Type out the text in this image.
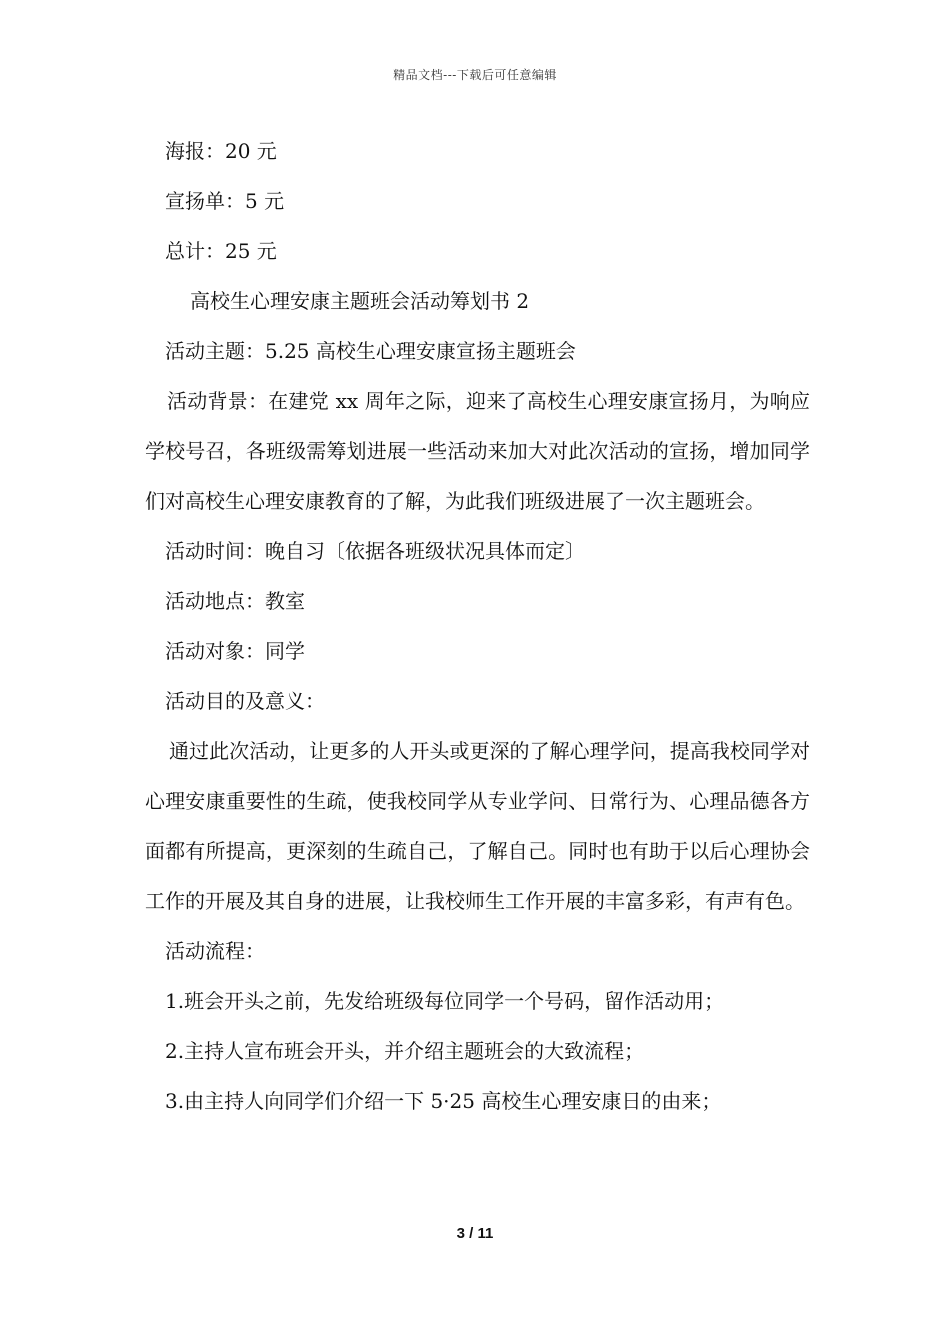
精品文档---下载后可任意编辑

海报：20 元

宣扬单：5 元

总计：25 元

高校生心理安康主题班会活动筹划书 2

活动主题：5.25 高校生心理安康宣扬主题班会

活动背景：在建党 xx 周年之际，迎来了高校生心理安康宣扬月，为响应学校号召，各班级需筹划进展一些活动来加大对此次活动的宣扬，增加同学们对高校生心理安康教育的了解，为此我们班级进展了一次主题班会。

活动时间：晚自习〔依据各班级状况具体而定〕

活动地点：教室

活动对象：同学

活动目的及意义：

通过此次活动，让更多的人开头或更深的了解心理学问，提高我校同学对心理安康重要性的生疏，使我校同学从专业学问、日常行为、心理品德各方面都有所提高，更深刻的生疏自己，了解自己。同时也有助于以后心理协会工作的开展及其自身的进展，让我校师生工作开展的丰富多彩，有声有色。

活动流程：

1.班会开头之前，先发给班级每位同学一个号码，留作活动用；

2.主持人宣布班会开头，并介绍主题班会的大致流程；

3.由主持人向同学们介绍一下 5·25 高校生心理安康日的由来；

3 / 11
